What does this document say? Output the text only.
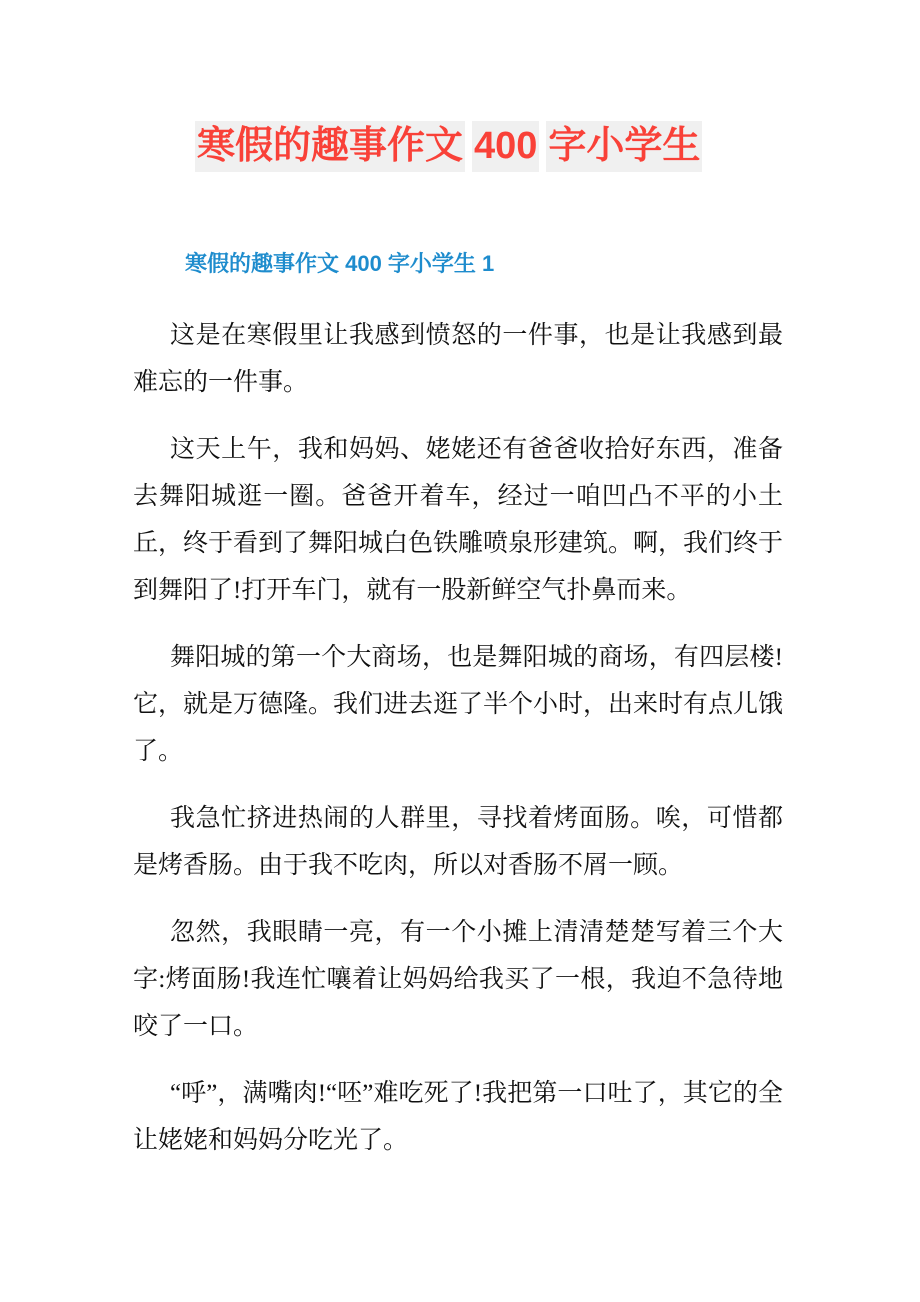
寒假的趣事作文 400 字小学生
寒假的趣事作文 400 字小学生 1

这是在寒假里让我感到愤怒的一件事，也是让我感到最难忘的一件事。

这天上午，我和妈妈、姥姥还有爸爸收拾好东西，准备去舞阳城逛一圈。爸爸开着车，经过一咱凹凸不平的小土丘，终于看到了舞阳城白色铁雕喷泉形建筑。啊，我们终于到舞阳了!打开车门，就有一股新鲜空气扑鼻而来。

舞阳城的第一个大商场，也是舞阳城的商场，有四层楼!它，就是万德隆。我们进去逛了半个小时，出来时有点儿饿了。

我急忙挤进热闹的人群里，寻找着烤面肠。唉，可惜都是烤香肠。由于我不吃肉，所以对香肠不屑一顾。

忽然，我眼睛一亮，有一个小摊上清清楚楚写着三个大字:烤面肠!我连忙嚷着让妈妈给我买了一根，我迫不急待地咬了一口。

“呼”，满嘴肉!“呸”难吃死了!我把第一口吐了，其它的全让姥姥和妈妈分吃光了。
